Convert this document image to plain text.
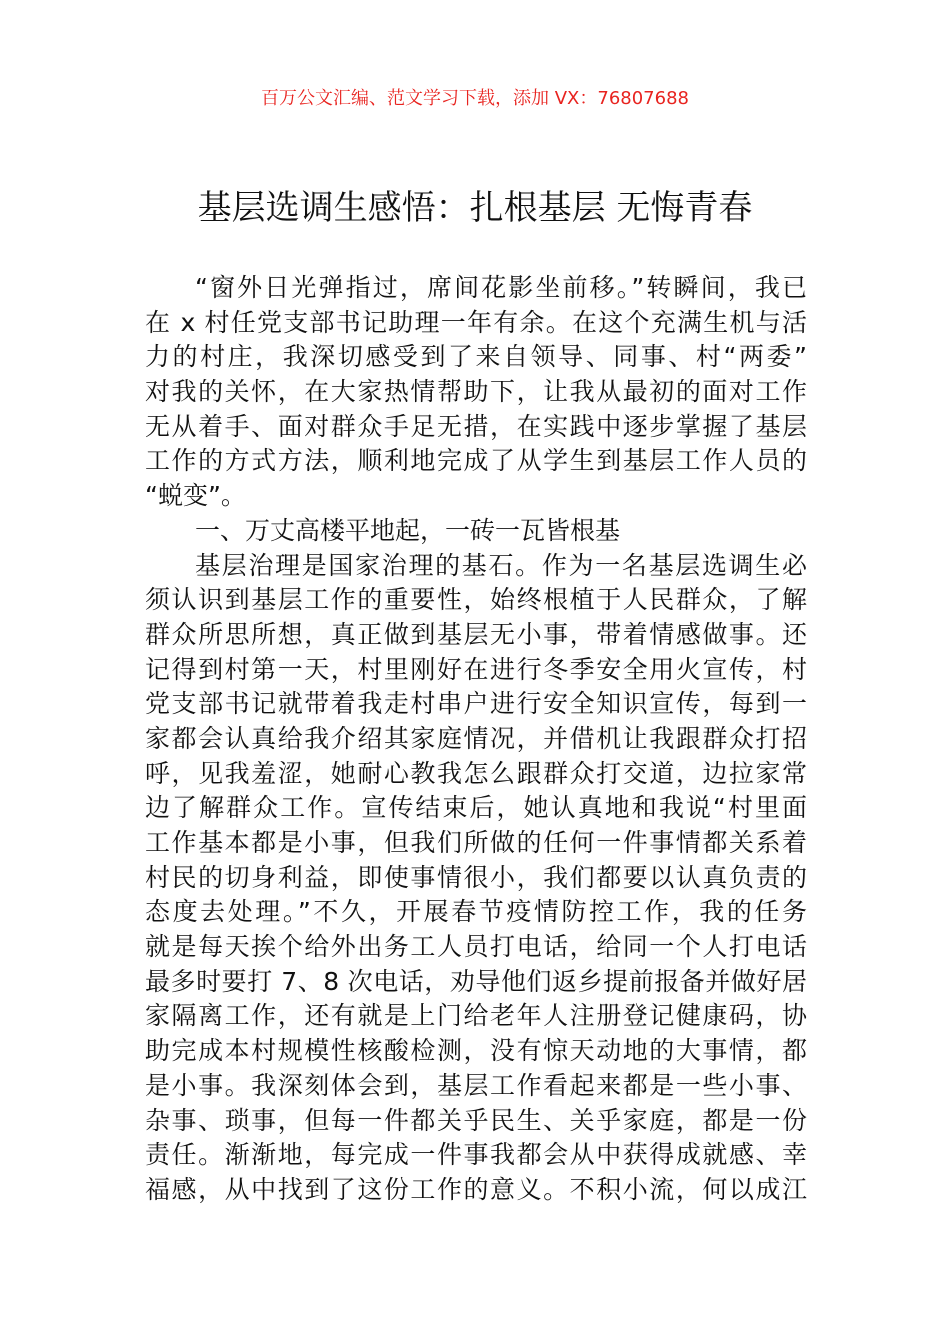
百万公文汇编、范文学习下载，添加 VX：76807688
基层选调生感悟：扎根基层 无悔青春
“窗外日光弹指过，席间花影坐前移。”转瞬间，我已
在 x 村任党支部书记助理一年有余。在这个充满生机与活
力的村庄，我深切感受到了来自领导、同事、村“两委”
对我的关怀，在大家热情帮助下，让我从最初的面对工作
无从着手、面对群众手足无措，在实践中逐步掌握了基层
工作的方式方法，顺利地完成了从学生到基层工作人员的
“蜕变”。
一、万丈高楼平地起，一砖一瓦皆根基
基层治理是国家治理的基石。作为一名基层选调生必
须认识到基层工作的重要性，始终根植于人民群众，了解
群众所思所想，真正做到基层无小事，带着情感做事。还
记得到村第一天，村里刚好在进行冬季安全用火宣传，村
党支部书记就带着我走村串户进行安全知识宣传，每到一
家都会认真给我介绍其家庭情况，并借机让我跟群众打招
呼，见我羞涩，她耐心教我怎么跟群众打交道，边拉家常
边了解群众工作。宣传结束后，她认真地和我说“村里面
工作基本都是小事，但我们所做的任何一件事情都关系着
村民的切身利益，即使事情很小，我们都要以认真负责的
态度去处理。”不久，开展春节疫情防控工作，我的任务
就是每天挨个给外出务工人员打电话，给同一个人打电话
最多时要打 7、8 次电话，劝导他们返乡提前报备并做好居
家隔离工作，还有就是上门给老年人注册登记健康码，协
助完成本村规模性核酸检测，没有惊天动地的大事情，都
是小事。我深刻体会到，基层工作看起来都是一些小事、
杂事、琐事，但每一件都关乎民生、关乎家庭，都是一份
责任。渐渐地，每完成一件事我都会从中获得成就感、幸
福感，从中找到了这份工作的意义。不积小流，何以成江
